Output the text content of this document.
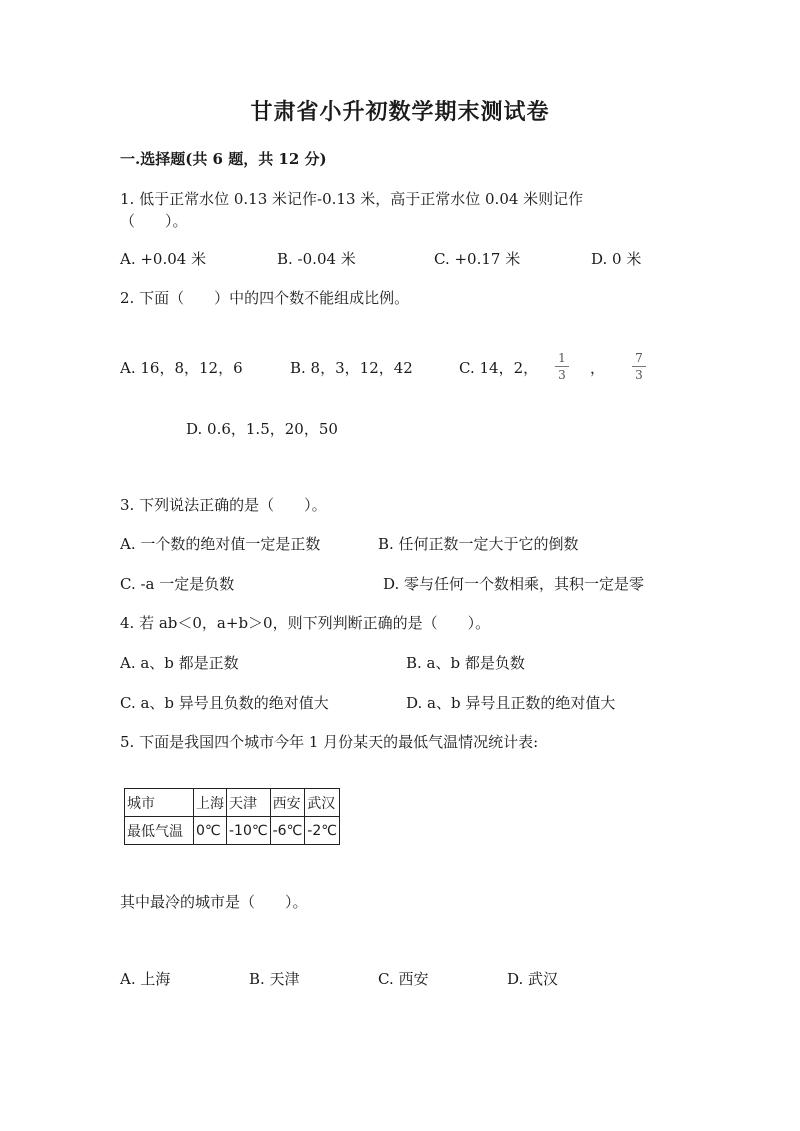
甘肃省小升初数学期末测试卷
一.选择题(共 6 题，共 12 分)
1. 低于正常水位 0.13 米记作-0.13 米，高于正常水位 0.04 米则记作
（　　）。
A. +0.04 米	B. -0.04 米	C. +0.17 米	D. 0 米
2. 下面（　　）中的四个数不能组成比例。
A. 16，8，12，6	B. 8，3，12，42	C. 14，2， $\frac{1}{3}$ ， $\frac{7}{3}$
D. 0.6，1.5，20，50
3. 下列说法正确的是（　　）。
A. 一个数的绝对值一定是正数	B. 任何正数一定大于它的倒数
C. -a 一定是负数	D. 零与任何一个数相乘，其积一定是零
4. 若 ab＜0，a+b＞0，则下列判断正确的是（　　）。
A. a、b 都是正数	B. a、b 都是负数
C. a、b 异号且负数的绝对值大	D. a、b 异号且正数的绝对值大
5. 下面是我国四个城市今年 1 月份某天的最低气温情况统计表:
城市	上海	天津	西安	武汉
最低气温	0℃	-10℃	-6℃	-2℃
其中最冷的城市是（　　）。
A. 上海	B. 天津	C. 西安	D. 武汉
